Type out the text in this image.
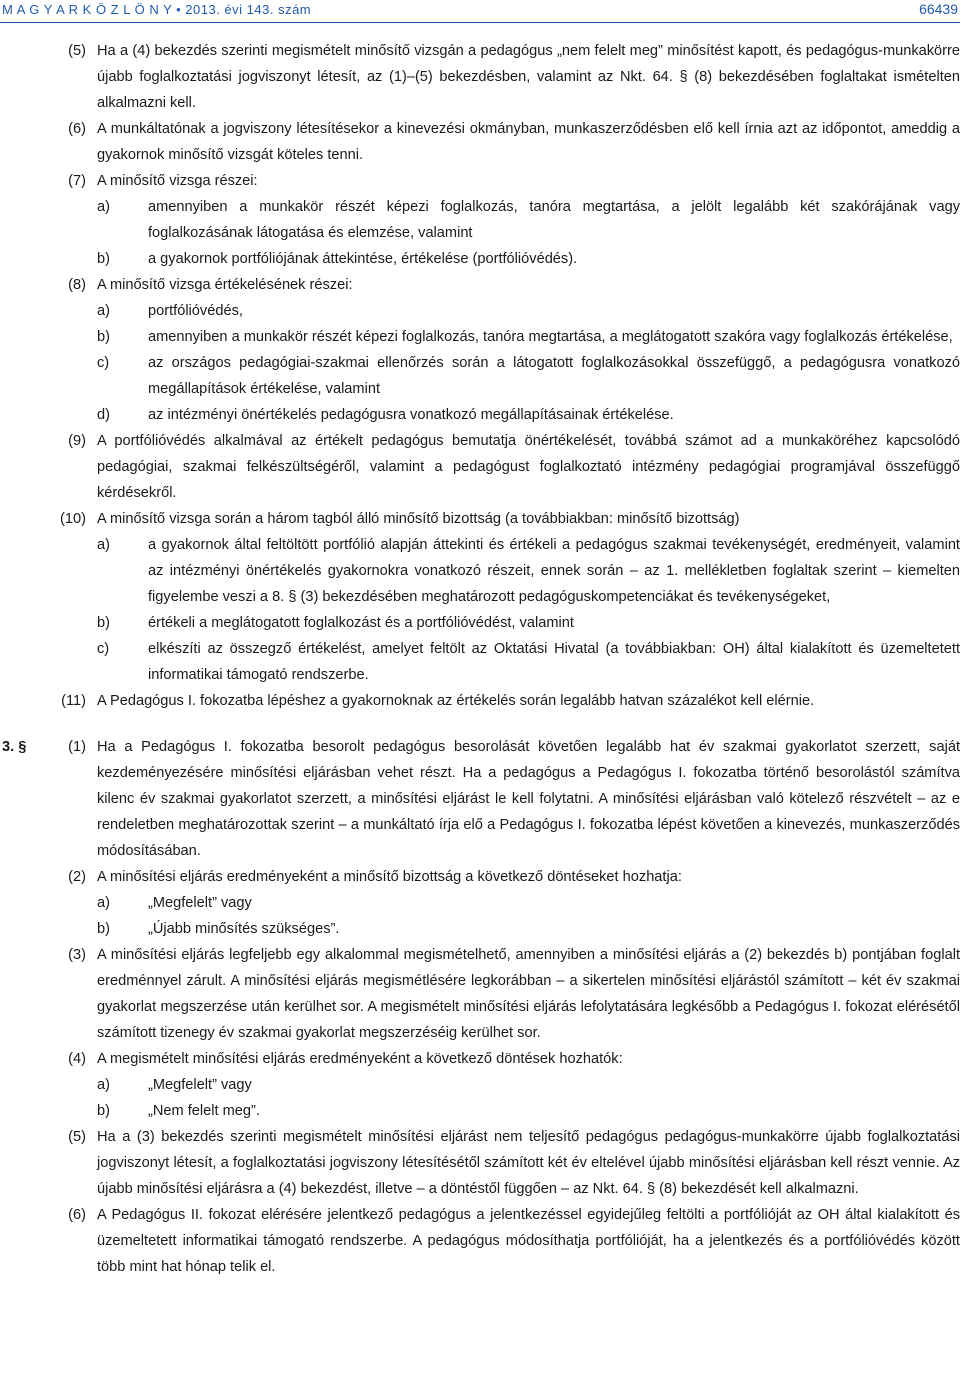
M A G Y A R K Ö Z L Ö N Y • 2013. évi 143. szám	66439
(5) Ha a (4) bekezdés szerinti megismételt minősítő vizsgán a pedagógus „nem felelt meg” minősítést kapott, és pedagógus-munkakörre újabb foglalkoztatási jogviszonyt létesít, az (1)–(5) bekezdésben, valamint az Nkt. 64. § (8) bekezdésében foglaltakat ismételten alkalmazni kell.
(6) A munkáltatónak a jogviszony létesítésekor a kinevezési okmányban, munkaszerződésben elő kell írnia azt az időpontot, ameddig a gyakornok minősítő vizsgát köteles tenni.
(7) A minősítő vizsga részei:
a)	amennyiben a munkakör részét képezi foglalkozás, tanóra megtartása, a jelölt legalább két szakórájának vagy foglalkozásának látogatása és elemzése, valamint
b)	a gyakornok portfóliójának áttekintése, értékelése (portfólióvédés).
(8) A minősítő vizsga értékelésének részei:
a)	portfólióvédés,
b)	amennyiben a munkakör részét képezi foglalkozás, tanóra megtartása, a meglátogatott szakóra vagy foglalkozás értékelése,
c)	az országos pedagógiai-szakmai ellenőrzés során a látogatott foglalkozásokkal összefüggő, a pedagógusra vonatkozó megállapítások értékelése, valamint
d)	az intézményi önértékelés pedagógusra vonatkozó megállapításainak értékelése.
(9) A portfólióvédés alkalmával az értékelt pedagógus bemutatja önértékelését, továbbá számot ad a munkaköréhez kapcsolódó pedagógiai, szakmai felkészültségéről, valamint a pedagógust foglalkoztató intézmény pedagógiai programjával összefüggő kérdésekről.
(10) A minősítő vizsga során a három tagból álló minősítő bizottság (a továbbiakban: minősítő bizottság)
a)	a gyakornok által feltöltött portfólió alapján áttekinti és értékeli a pedagógus szakmai tevékenységét, eredményeit, valamint az intézményi önértékelés gyakornokra vonatkozó részeit, ennek során – az 1. mellékletben foglaltak szerint – kiemelten figyelembe veszi a 8. § (3) bekezdésében meghatározott pedagóguskompetenciákat és tevékenységeket,
b)	értékeli a meglátogatott foglalkozást és a portfólióvédést, valamint
c)	elkészíti az összegző értékelést, amelyet feltölt az Oktatási Hivatal (a továbbiakban: OH) által kialakított és üzemeltetett informatikai támogató rendszerbe.
(11) A Pedagógus I. fokozatba lépéshez a gyakornoknak az értékelés során legalább hatvan százalékot kell elérnie.
3. §	(1) Ha a Pedagógus I. fokozatba besorolt pedagógus besorolását követően legalább hat év szakmai gyakorlatot szerzett, saját kezdeményezésére minősítési eljárásban vehet részt. Ha a pedagógus a Pedagógus I. fokozatba történő besorolástól számítva kilenc év szakmai gyakorlatot szerzett, a minősítési eljárást le kell folytatni. A minősítési eljárásban való kötelező részvételt – az e rendeletben meghatározottak szerint – a munkáltató írja elő a Pedagógus I. fokozatba lépést követően a kinevezés, munkaszerződés módosításában.
(2) A minősítési eljárás eredményeként a minősítő bizottság a következő döntéseket hozhatja:
a)	„Megfelelt” vagy
b)	„Újabb minősítés szükséges”.
(3) A minősítési eljárás legfeljebb egy alkalommal megismételhető, amennyiben a minősítési eljárás a (2) bekezdés b) pontjában foglalt eredménnyel zárult. A minősítési eljárás megismétlésére legkorábban – a sikertelen minősítési eljárástól számított – két év szakmai gyakorlat megszerzése után kerülhet sor. A megismételt minősítési eljárás lefolytatására legkésőbb a Pedagógus I. fokozat elérésétől számított tizenegy év szakmai gyakorlat megszerzéséig kerülhet sor.
(4) A megismételt minősítési eljárás eredményeként a következő döntések hozhatók:
a)	„Megfelelt” vagy
b)	„Nem felelt meg”.
(5) Ha a (3) bekezdés szerinti megismételt minősítési eljárást nem teljesítő pedagógus pedagógus-munkakörre újabb foglalkoztatási jogviszonyt létesít, a foglalkoztatási jogviszony létesítésétől számított két év eltelével újabb minősítési eljárásban kell részt vennie. Az újabb minősítési eljárásra a (4) bekezdést, illetve – a döntéstől függően – az Nkt. 64. § (8) bekezdését kell alkalmazni.
(6) A Pedagógus II. fokozat elérésére jelentkező pedagógus a jelentkezéssel egyidejűleg feltölti a portfólióját az OH által kialakított és üzemeltetett informatikai támogató rendszerbe. A pedagógus módosíthatja portfólióját, ha a jelentkezés és a portfólióvédés között több mint hat hónap telik el.
